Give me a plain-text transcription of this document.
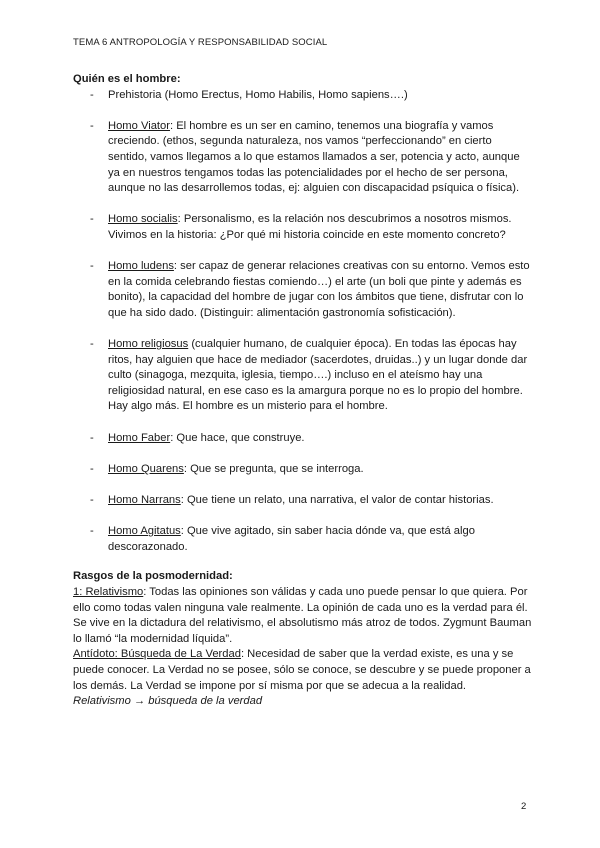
TEMA 6 ANTROPOLOGÍA Y RESPONSABILIDAD SOCIAL

Quién es el hombre:

- Prehistoria (Homo Erectus, Homo Habilis, Homo sapiens….)
- Homo Viator: El hombre es un ser en camino, tenemos una biografía y vamos creciendo. (ethos, segunda naturaleza, nos vamos “perfeccionando” en cierto sentido, vamos llegamos a lo que estamos llamados a ser, potencia y acto, aunque ya en nuestros tengamos todas las potencialidades por el hecho de ser persona, aunque no las desarrollemos todas, ej: alguien con discapacidad psíquica o física).
- Homo socialis: Personalismo, es la relación nos descubrimos a nosotros mismos. Vivimos en la historia: ¿Por qué mi historia coincide en este momento concreto?
- Homo ludens: ser capaz de generar relaciones creativas con su entorno. Vemos esto en la comida celebrando fiestas comiendo…) el arte (un boli que pinte y además es bonito), la capacidad del hombre de jugar con los ámbitos que tiene, disfrutar con lo que ha sido dado. (Distinguir: alimentación gastronomía sofisticación).
- Homo religiosus (cualquier humano, de cualquier época). En todas las épocas hay ritos, hay alguien que hace de mediador (sacerdotes, druidas..) y un lugar donde dar culto (sinagoga, mezquita, iglesia, tiempo….) incluso en el ateísmo hay una religiosidad natural, en ese caso es la amargura porque no es lo propio del hombre. Hay algo más. El hombre es un misterio para el hombre.
- Homo Faber: Que hace, que construye.
- Homo Quarens: Que se pregunta, que se interroga.
- Homo Narrans: Que tiene un relato, una narrativa, el valor de contar historias.
- Homo Agitatus: Que vive agitado, sin saber hacia dónde va, que está algo descorazonado.

Rasgos de la posmodernidad:

1: Relativismo: Todas las opiniones son válidas y cada uno puede pensar lo que quiera. Por ello como todas valen ninguna vale realmente. La opinión de cada uno es la verdad para él. Se vive en la dictadura del relativismo, el absolutismo más atroz de todos. Zygmunt Bauman lo llamó “la modernidad líquida”.

Antídoto: Búsqueda de La Verdad: Necesidad de saber que la verdad existe, es una y se puede conocer. La Verdad no se posee, sólo se conoce, se descubre y se puede proponer a los demás. La Verdad se impone por sí misma por que se adecua a la realidad.

Relativismo → búsqueda de la verdad

2
